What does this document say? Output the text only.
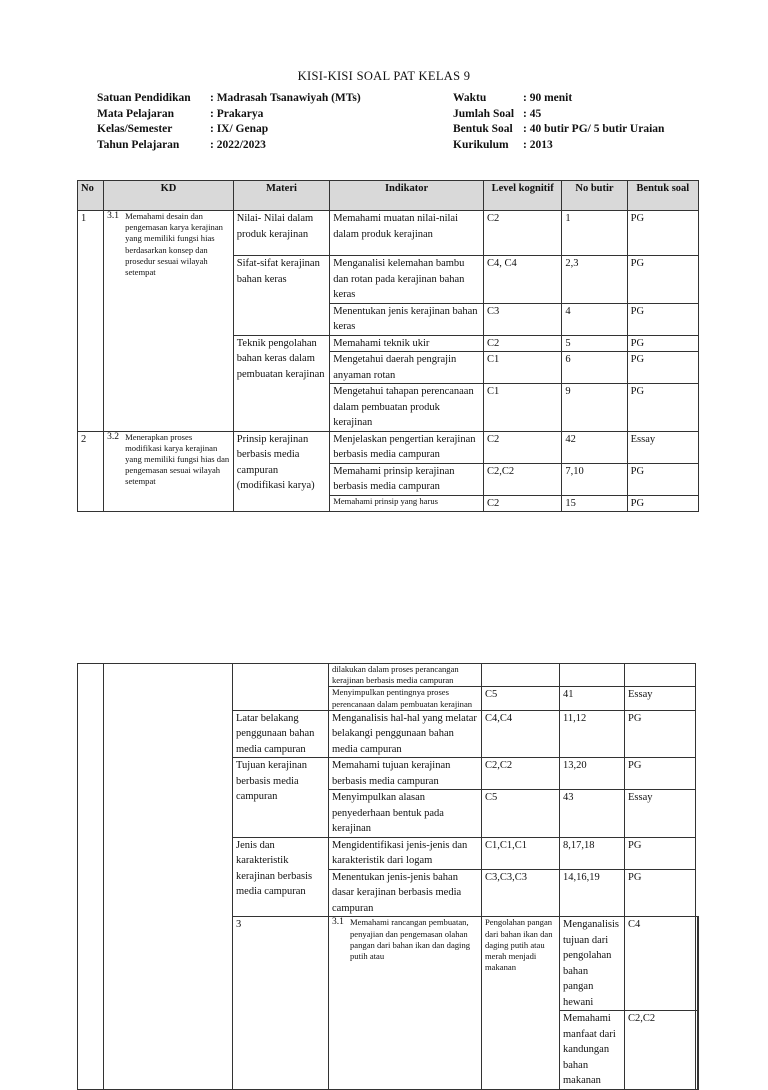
KISI-KISI SOAL PAT KELAS 9
Satuan Pendidikan : Madrasah Tsanawiyah (MTs)
Mata Pelajaran	: Prakarya
Kelas/Semester	: IX/ Genap
Tahun Pelajaran	: 2022/2023
Waktu	: 90 menit
Jumlah Soal : 45
Bentuk Soal : 40 butir PG/ 5 butir Uraian
Kurikulum : 2013
No	KD	Materi	Indikator	Level kognitif	No butir	Bentuk soal
1	3.1 Memahami desain dan pengemasan karya kerajinan yang memiliki fungsi hias berdasarkan konsep dan prosedur sesuai wilayah setempat	Nilai- Nilai dalam produk kerajinan	Memahami muatan nilai-nilai dalam produk kerajinan	C2	1	PG
		Sifat-sifat kerajinan bahan keras	Menganalisi kelemahan bambu dan rotan pada kerajinan bahan keras	C4, C4	2,3	PG
			Menentukan jenis kerajinan bahan keras	C3	4	PG
		Teknik pengolahan bahan keras dalam pembuatan kerajinan	Memahami teknik ukir	C2	5	PG
			Mengetahui daerah pengrajin anyaman rotan	C1	6	PG
			Mengetahui tahapan perencanaan dalam pembuatan produk kerajinan	C1	9	PG
2	3.2 Menerapkan proses modifikasi karya kerajinan yang memiliki fungsi hias dan pengemasan sesuai wilayah setempat	Prinsip kerajinan berbasis media campuran (modifikasi karya)	Menjelaskan pengertian kerajinan berbasis media campuran	C2	42	Essay
			Memahami prinsip kerajinan berbasis media campuran	C2,C2	7,10	PG
			Memahami prinsip yang harus	C2	15	PG
			dilakukan dalam proses perancangan kerajinan berbasis media campuran					
			Menyimpulkan pentingnya proses perencanaan dalam pembuatan kerajinan	C5	41	Essay		
		Latar belakang penggunaan bahan media campuran	Menganalisis hal-hal yang melatar belakangi penggunaan bahan media campuran	C4,C4	11,12	PG		
		Tujuan kerajinan berbasis media campuran	Memahami tujuan kerajinan berbasis media campuran	C2,C2	13,20	PG		
			Menyimpulkan alasan penyederhaan bentuk pada kerajinan	C5	43	Essay		
		Jenis dan karakteristik kerajinan berbasis media campuran	Mengidentifikasi jenis-jenis dan karakteristik dari logam	C1,C1,C1	8,17,18	PG		
			Menentukan jenis-jenis bahan dasar kerajinan berbasis media campuran	C3,C3,C3	14,16,19	PG		
		3	3.1 Memahami rancangan pembuatan, penyajian dan pengemasan olahan pangan dari bahan ikan dan daging putih atau	Pengolahan pangan dari bahan ikan dan daging putih atau merah menjadi makanan	Menganalisis tujuan dari pengolahan bahan pangan hewani	C4		
					Memahami manfaat dari kandungan bahan makanan	C2,C2		
